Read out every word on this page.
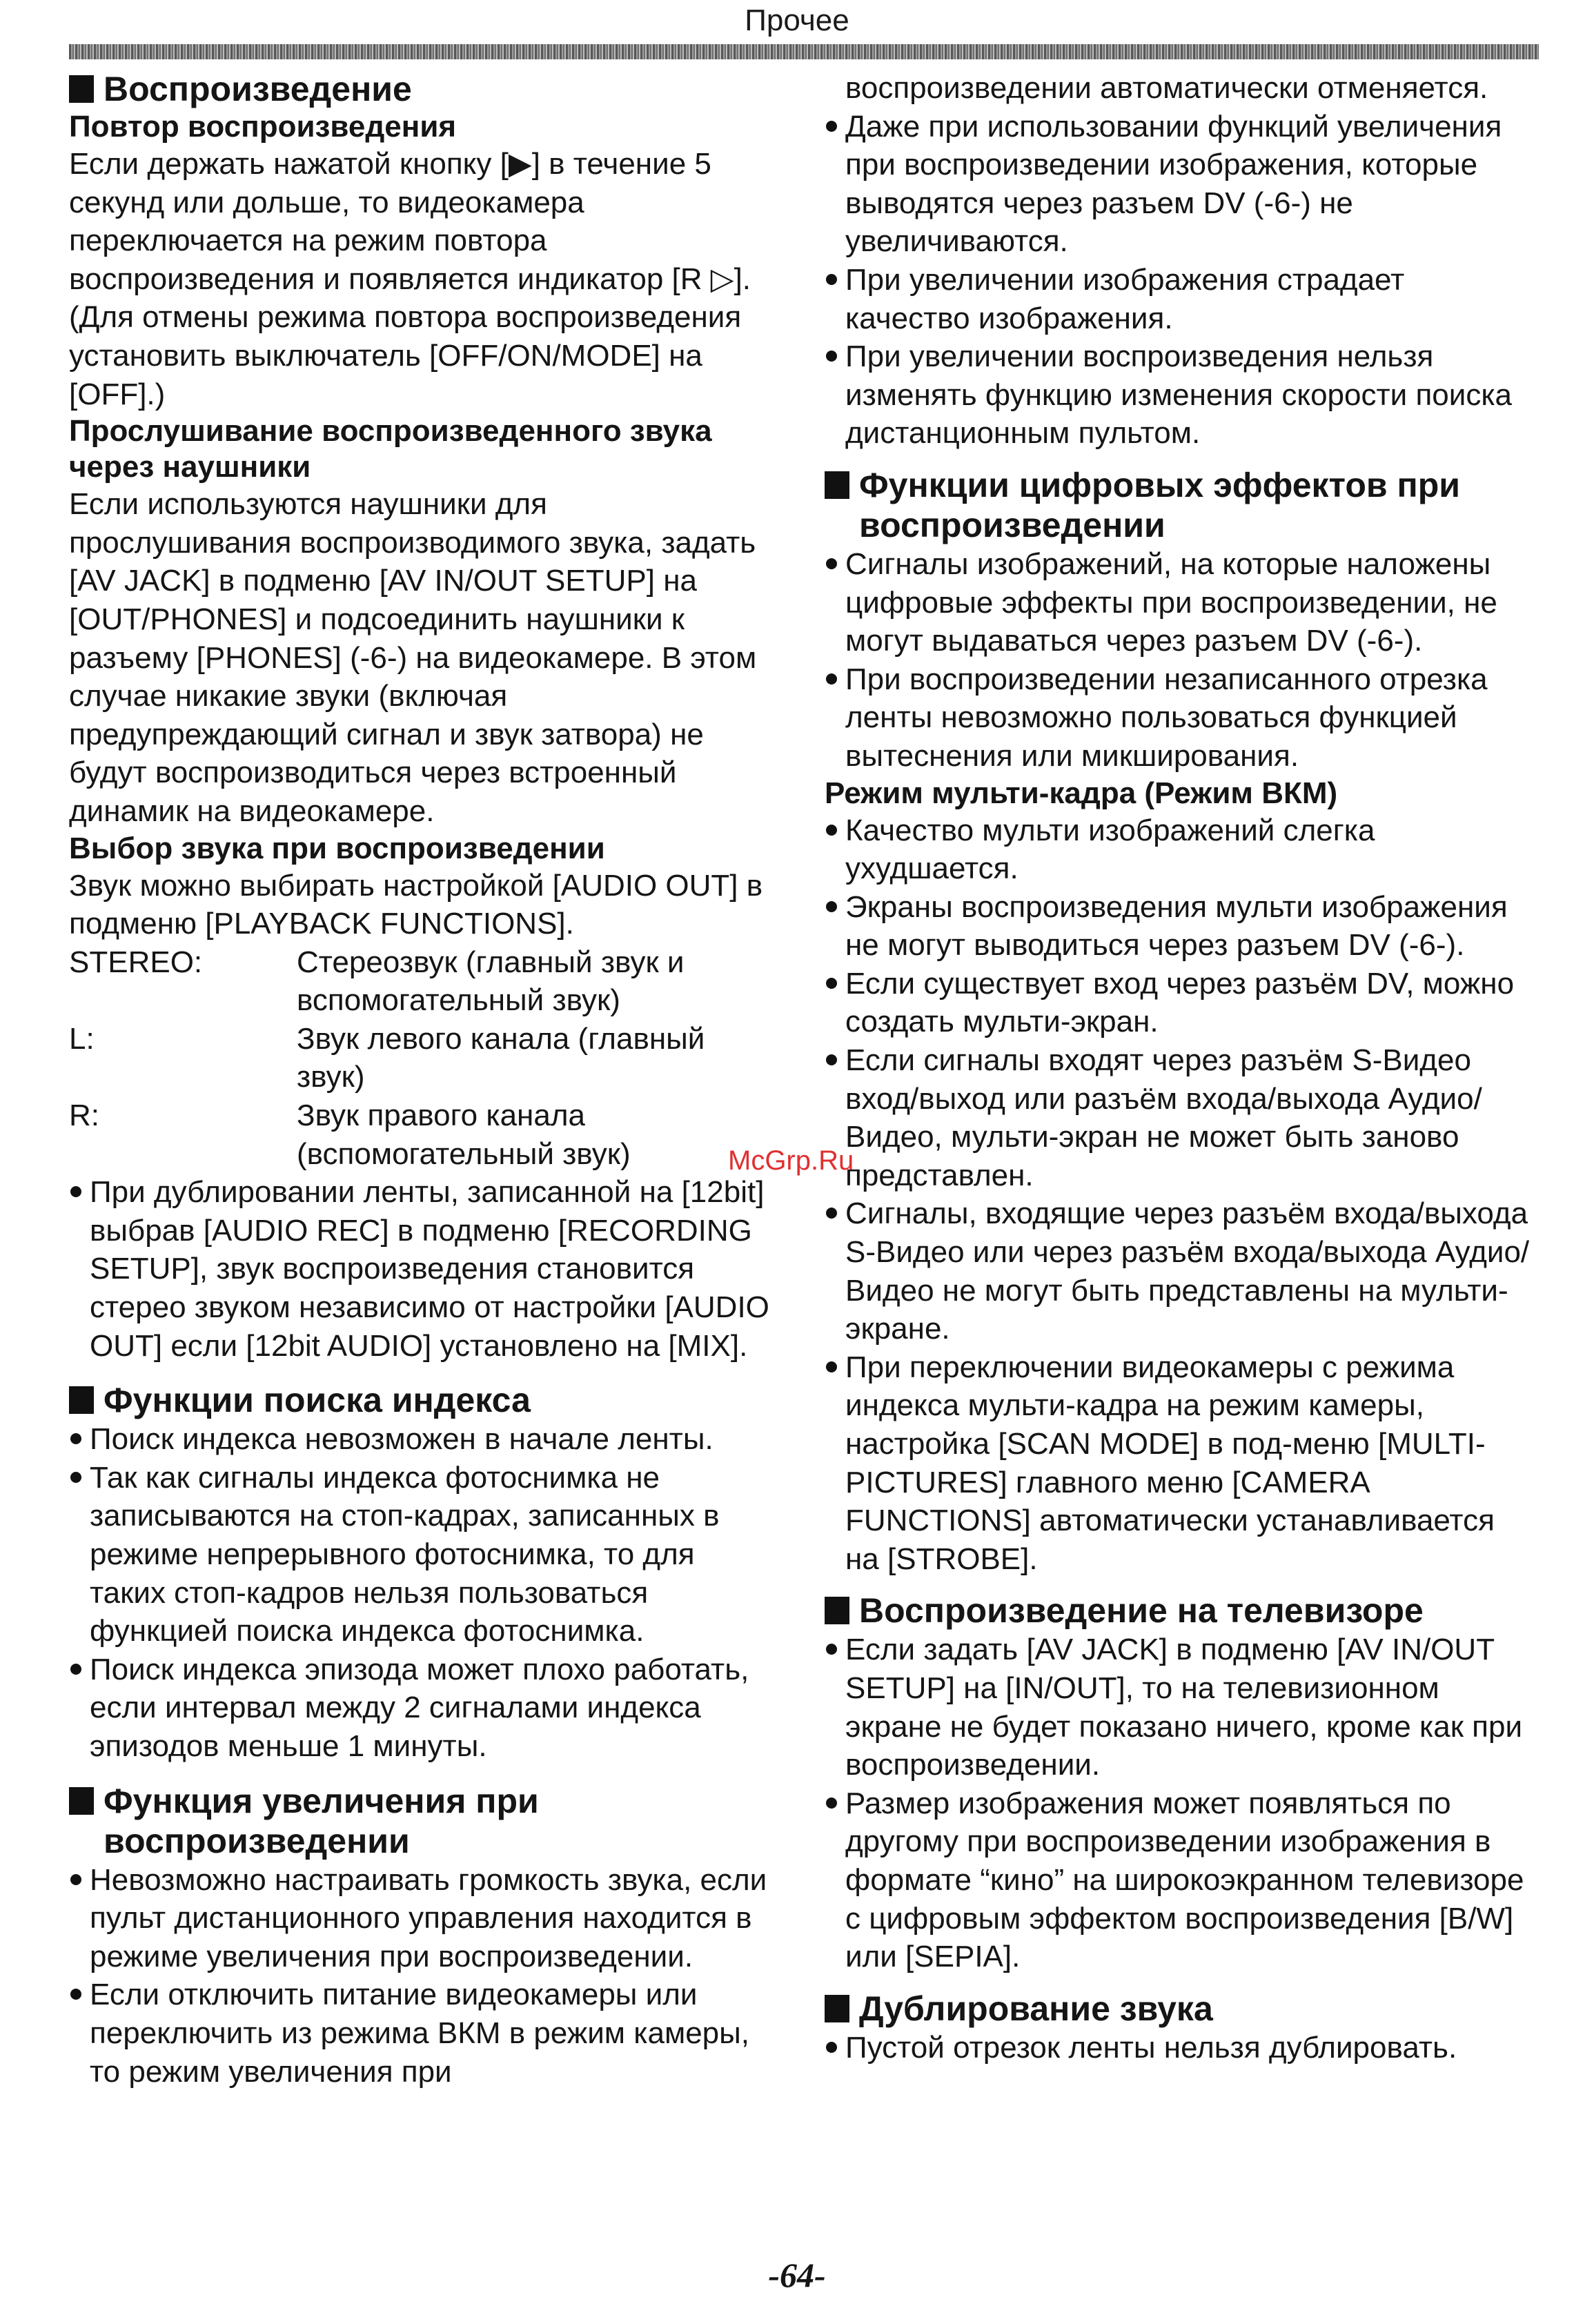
Прочее
Воспроизведение
Повтор воспроизведения

Если держать нажатой кнопку [▶] в течение 5 секунд или дольше, то видеокамера переключается на режим повтора воспроизведения и появляется индикатор [R ▷]. (Для отмены режима повтора воспроизведения установить выключатель [OFF/ON/MODE] на [OFF].)

Прослушивание воспроизведенного звука через наушники

Если используются наушники для прослушивания воспроизводимого звука, задать [AV JACK] в подменю [AV IN/OUT SETUP] на [OUT/PHONES] и подсоединить наушники к разъему [PHONES] (-6-) на видеокамере. В этом случае никакие звуки (включая предупреждающий сигнал и звук затвора) не будут воспроизводиться через встроенный динамик на видеокамере.

Выбор звука при воспроизведении

Звук можно выбирать настройкой [AUDIO OUT] в подменю [PLAYBACK FUNCTIONS].

STEREO:	Стереозвук (главный звук и вспомогательный звук)
L:	Звук левого канала (главный звук)
R:	Звук правого канала (вспомогательный звук)
При дублировании ленты, записанной на [12bit] выбрав [AUDIO REC] в подменю [RECORDING SETUP], звук воспроизведения становится стерео звуком независимо от настройки [AUDIO OUT] если [12bit AUDIO] установлено на [MIX].
Функции поиска индекса
Поиск индекса невозможен в начале ленты.
Так как сигналы индекса фотоснимка не записываются на стоп-кадрах, записанных в режиме непрерывного фотоснимка, то для таких стоп-кадров нельзя пользоваться функцией поиска индекса фотоснимка.
Поиск индекса эпизода может плохо работать, если интервал между 2 сигналами индекса эпизодов меньше 1 минуты.
Функция увеличения при воспроизведении
Невозможно настраивать громкость звука, если пульт дистанционного управления находится в режиме увеличения при воспроизведении.
Если отключить питание видеокамеры или переключить из режима ВКМ в режим камеры, то режим увеличения при

воспроизведении автоматически отменяется.

Даже при использовании функций увеличения при воспроизведении изображения, которые выводятся через разъем DV (-6-) не увеличиваются.
При увеличении изображения страдает качество изображения.
При увеличении воспроизведения нельзя изменять функцию изменения скорости поиска дистанционным пультом.
Функции цифровых эффектов при воспроизведении
Сигналы изображений, на которые наложены цифровые эффекты при воспроизведении, не могут выдаваться через разъем DV (-6-).
При воспроизведении незаписанного отрезка ленты невозможно пользоваться функцией вытеснения или микширования.
Режим мульти-кадра (Режим ВКМ)
Качество мульти изображений слегка ухудшается.
Экраны воспроизведения мульти изображения не могут выводиться через разъем DV (-6-).
Если существует вход через разъём DV, можно создать мульти-экран.
Если сигналы входят через разъём S-Видео вход/выход или разъём входа/выхода Аудио/Видео, мульти-экран не может быть заново представлен.
Сигналы, входящие через разъём входа/выхода S-Видео или через разъём входа/выхода Аудио/Видео не могут быть представлены на мульти-экране.
При переключении видеокамеры с режима индекса мульти-кадра на режим камеры, настройка [SCAN MODE] в под-меню [MULTI-PICTURES] главного меню [CAMERA FUNCTIONS] автоматически устанавливается на [STROBE].
Воспроизведение на телевизоре
Если задать [AV JACK] в подменю [AV IN/OUT SETUP] на [IN/OUT], то на телевизионном экране не будет показано ничего, кроме как при воспроизведении.
Размер изображения может появляться по другому при воспроизведении изображения в формате “кино” на широкоэкранном телевизоре с цифровым эффектом воспроизведения [B/W] или [SEPIA].
Дублирование звука
Пустой отрезок ленты нельзя дублировать.
McGrp.Ru
-64-
